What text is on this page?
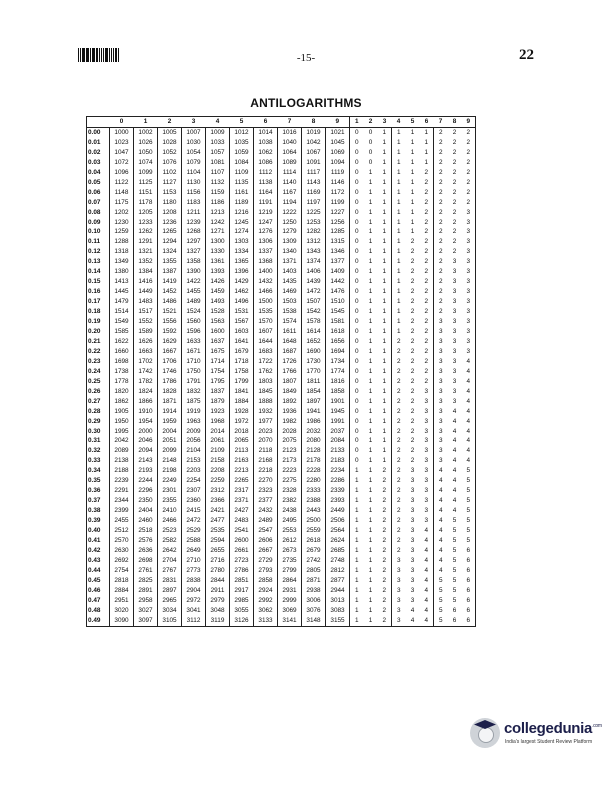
-15-	22
ANTILOGARITHMS
	0	1	2	3	4	5	6	7	8	9	1	2	3	4	5	6	7	8	9
0.00	1000	1002	1005	1007	1009	1012	1014	1016	1019	1021	0	0	1	1	1	1	2	2	2
0.01	1023	1026	1028	1030	1033	1035	1038	1040	1042	1045	0	0	1	1	1	1	2	2	2
0.02	1047	1050	1052	1054	1057	1059	1062	1064	1067	1069	0	0	1	1	1	1	2	2	2
0.03	1072	1074	1076	1079	1081	1084	1086	1089	1091	1094	0	0	1	1	1	1	2	2	2
0.04	1096	1099	1102	1104	1107	1109	1112	1114	1117	1119	0	1	1	1	1	2	2	2	2
0.05	1122	1125	1127	1130	1132	1135	1138	1140	1143	1146	0	1	1	1	1	2	2	2	2
0.06	1148	1151	1153	1156	1159	1161	1164	1167	1169	1172	0	1	1	1	1	2	2	2	2
0.07	1175	1178	1180	1183	1186	1189	1191	1194	1197	1199	0	1	1	1	1	2	2	2	2
0.08	1202	1205	1208	1211	1213	1216	1219	1222	1225	1227	0	1	1	1	1	2	2	2	3
0.09	1230	1233	1236	1239	1242	1245	1247	1250	1253	1256	0	1	1	1	1	2	2	2	3
0.10	1259	1262	1265	1268	1271	1274	1276	1279	1282	1285	0	1	1	1	1	2	2	2	3
0.11	1288	1291	1294	1297	1300	1303	1306	1309	1312	1315	0	1	1	1	2	2	2	2	3
0.12	1318	1321	1324	1327	1330	1334	1337	1340	1343	1346	0	1	1	1	2	2	2	2	3
0.13	1349	1352	1355	1358	1361	1365	1368	1371	1374	1377	0	1	1	1	2	2	2	3	3
0.14	1380	1384	1387	1390	1393	1396	1400	1403	1406	1409	0	1	1	1	2	2	2	3	3
0.15	1413	1416	1419	1422	1426	1429	1432	1435	1439	1442	0	1	1	1	2	2	2	3	3
0.16	1445	1449	1452	1455	1459	1462	1466	1469	1472	1476	0	1	1	1	2	2	2	3	3
0.17	1479	1483	1486	1489	1493	1496	1500	1503	1507	1510	0	1	1	1	2	2	2	3	3
0.18	1514	1517	1521	1524	1528	1531	1535	1538	1542	1545	0	1	1	1	2	2	2	3	3
0.19	1549	1552	1556	1560	1563	1567	1570	1574	1578	1581	0	1	1	1	2	2	3	3	3
0.20	1585	1589	1592	1596	1600	1603	1607	1611	1614	1618	0	1	1	1	2	2	3	3	3
0.21	1622	1626	1629	1633	1637	1641	1644	1648	1652	1656	0	1	1	2	2	2	3	3	3
0.22	1660	1663	1667	1671	1675	1679	1683	1687	1690	1694	0	1	1	2	2	2	3	3	3
0.23	1698	1702	1706	1710	1714	1718	1722	1726	1730	1734	0	1	1	2	2	2	3	3	4
0.24	1738	1742	1746	1750	1754	1758	1762	1766	1770	1774	0	1	1	2	2	2	3	3	4
0.25	1778	1782	1786	1791	1795	1799	1803	1807	1811	1816	0	1	1	2	2	2	3	3	4
0.26	1820	1824	1828	1832	1837	1841	1845	1849	1854	1858	0	1	1	2	2	3	3	3	4
0.27	1862	1866	1871	1875	1879	1884	1888	1892	1897	1901	0	1	1	2	2	3	3	3	4
0.28	1905	1910	1914	1919	1923	1928	1932	1936	1941	1945	0	1	1	2	2	3	3	4	4
0.29	1950	1954	1959	1963	1968	1972	1977	1982	1986	1991	0	1	1	2	2	3	3	4	4
0.30	1995	2000	2004	2009	2014	2018	2023	2028	2032	2037	0	1	1	2	2	3	3	4	4
0.31	2042	2046	2051	2056	2061	2065	2070	2075	2080	2084	0	1	1	2	2	3	3	4	4
0.32	2089	2094	2099	2104	2109	2113	2118	2123	2128	2133	0	1	1	2	2	3	3	4	4
0.33	2138	2143	2148	2153	2158	2163	2168	2173	2178	2183	0	1	1	2	2	3	3	4	4
0.34	2188	2193	2198	2203	2208	2213	2218	2223	2228	2234	1	1	2	2	3	3	4	4	5
0.35	2239	2244	2249	2254	2259	2265	2270	2275	2280	2286	1	1	2	2	3	3	4	4	5
0.36	2291	2296	2301	2307	2312	2317	2323	2328	2333	2339	1	1	2	2	3	3	4	4	5
0.37	2344	2350	2355	2360	2366	2371	2377	2382	2388	2393	1	1	2	2	3	3	4	4	5
0.38	2399	2404	2410	2415	2421	2427	2432	2438	2443	2449	1	1	2	2	3	3	4	4	5
0.39	2455	2460	2466	2472	2477	2483	2489	2495	2500	2506	1	1	2	2	3	3	4	5	5
0.40	2512	2518	2523	2529	2535	2541	2547	2553	2559	2564	1	1	2	2	3	4	4	5	5
0.41	2570	2576	2582	2588	2594	2600	2606	2612	2618	2624	1	1	2	2	3	4	4	5	5
0.42	2630	2636	2642	2649	2655	2661	2667	2673	2679	2685	1	1	2	2	3	4	4	5	6
0.43	2692	2698	2704	2710	2716	2723	2729	2735	2742	2748	1	1	2	3	3	4	4	5	6
0.44	2754	2761	2767	2773	2780	2786	2793	2799	2805	2812	1	1	2	3	3	4	4	5	6
0.45	2818	2825	2831	2838	2844	2851	2858	2864	2871	2877	1	1	2	3	3	4	5	5	6
0.46	2884	2891	2897	2904	2911	2917	2924	2931	2938	2944	1	1	2	3	3	4	5	5	6
0.47	2951	2958	2965	2972	2979	2985	2992	2999	3006	3013	1	1	2	3	3	4	5	5	6
0.48	3020	3027	3034	3041	3048	3055	3062	3069	3076	3083	1	1	2	3	4	4	5	6	6
0.49	3090	3097	3105	3112	3119	3126	3133	3141	3148	3155	1	1	2	3	4	4	5	6	6
collegedunia$^{.com}$
India's largest Student Review Platform
